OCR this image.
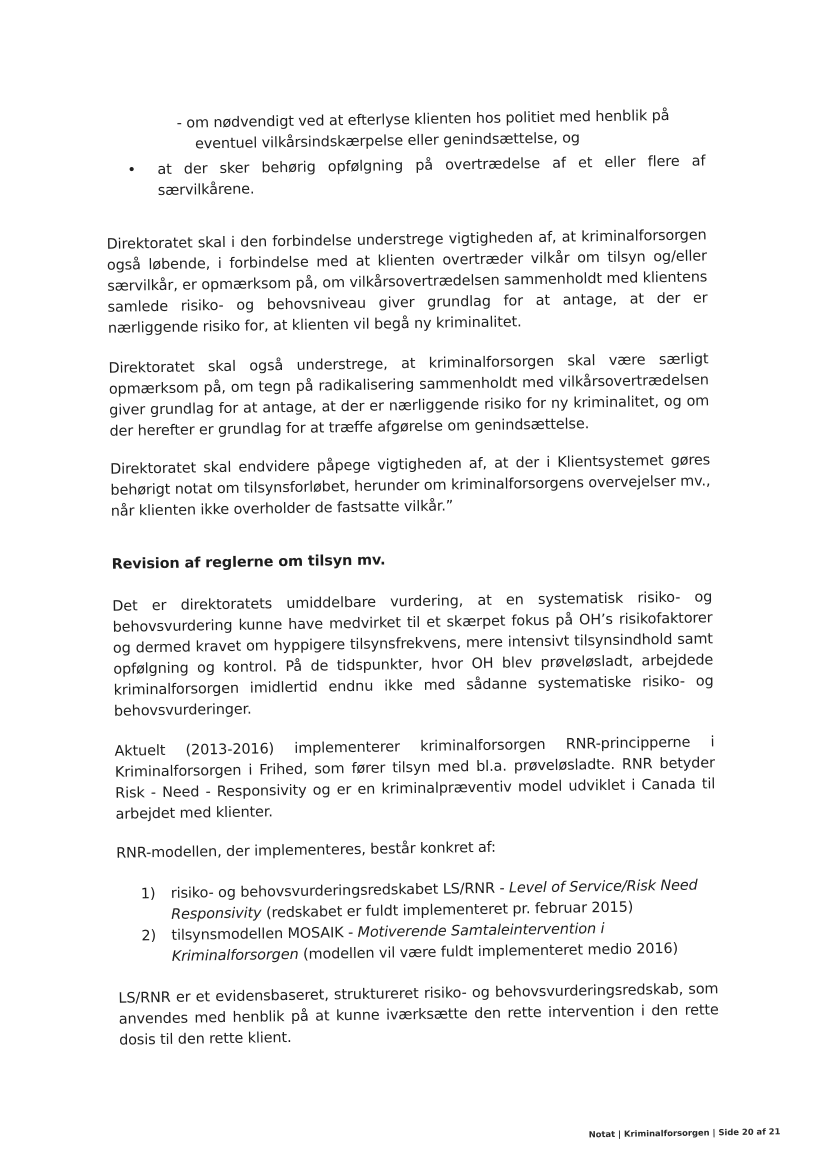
- om nødvendigt ved at efterlyse klienten hos politiet med henblik på
eventuel vilkårsindskærpelse eller genindsættelse, og
•	at der sker behørig opfølgning på overtrædelse af et eller flere af særvilkårene.

Direktoratet skal i den forbindelse understrege vigtigheden af, at kriminalforsorgen også løbende, i forbindelse med at klienten overtræder vilkår om tilsyn og/eller særvilkår, er opmærksom på, om vilkårsovertrædelsen sammenholdt med klientens samlede risiko- og behovsniveau giver grundlag for at antage, at der er nærliggende risiko for, at klienten vil begå ny kriminalitet.

Direktoratet skal også understrege, at kriminalforsorgen skal være særligt opmærksom på, om tegn på radikalisering sammenholdt med vilkårsovertrædelsen giver grundlag for at antage, at der er nærliggende risiko for ny kriminalitet, og om der herefter er grundlag for at træffe afgørelse om genindsættelse.

Direktoratet skal endvidere påpege vigtigheden af, at der i Klientsystemet gøres behørigt notat om tilsynsforløbet, herunder om kriminalforsorgens overvejelser mv., når klienten ikke overholder de fastsatte vilkår.”

Revision af reglerne om tilsyn mv.

Det er direktoratets umiddelbare vurdering, at en systematisk risiko- og behovsvurdering kunne have medvirket til et skærpet fokus på OH’s risikofaktorer og dermed kravet om hyppigere tilsynsfrekvens, mere intensivt tilsynsindhold samt opfølgning og kontrol. På de tidspunkter, hvor OH blev prøveløsladt, arbejdede kriminalforsorgen imidlertid endnu ikke med sådanne systematiske risiko- og behovsvurderinger.

Aktuelt (2013-2016) implementerer kriminalforsorgen RNR-principperne i Kriminalforsorgen i Frihed, som fører tilsyn med bl.a. prøveløsladte. RNR betyder Risk - Need - Responsivity og er en kriminalpræventiv model udviklet i Canada til arbejdet med klienter.

RNR-modellen, der implementeres, består konkret af:

1)	risiko- og behovsvurderingsredskabet LS/RNR - Level of Service/Risk Need Responsivity (redskabet er fuldt implementeret pr. februar 2015)
2)	tilsynsmodellen MOSAIK - Motiverende Samtaleintervention i Kriminalforsorgen (modellen vil være fuldt implementeret medio 2016)

LS/RNR er et evidensbaseret, struktureret risiko- og behovsvurderingsredskab, som anvendes med henblik på at kunne iværksætte den rette intervention i den rette dosis til den rette klient.

Notat | Kriminalforsorgen | Side 20 af 21
